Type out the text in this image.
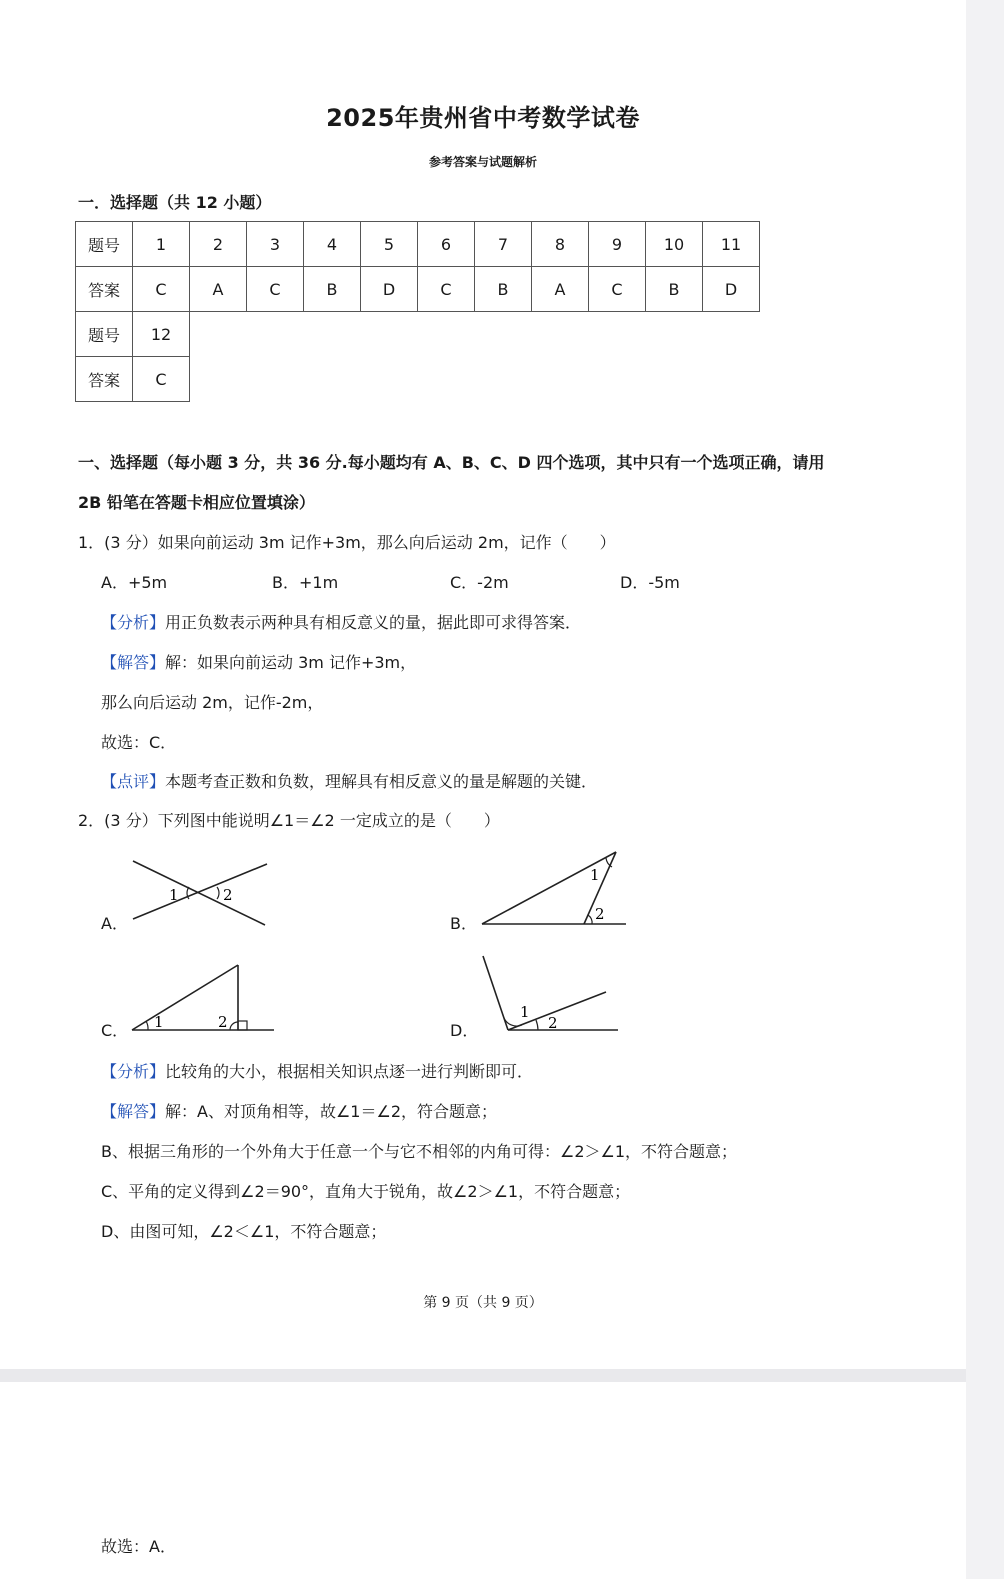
2025年贵州省中考数学试卷
参考答案与试题解析
一．选择题（共 12 小题）
题号	1	2	3	4	5	6	7	8	9	10	11
答案	C	A	C	B	D	C	B	A	C	B	D
题号	12
答案	C
一、选择题（每小题 3 分，共 36 分.每小题均有 A、B、C、D 四个选项，其中只有一个选项正确，请用
2B 铅笔在答题卡相应位置填涂）
1．(3 分）如果向前运动 3m 记作+3m，那么向后运动 2m，记作（　　）
A．+5m	B．+1m	C．-2m	D．-5m
【分析】用正负数表示两种具有相反意义的量，据此即可求得答案．
【解答】解：如果向前运动 3m 记作+3m，
那么向后运动 2m，记作-2m，
故选：C．
【点评】本题考查正数和负数，理解具有相反意义的量是解题的关键．
2．(3 分）下列图中能说明∠1＝∠2 一定成立的是（　　）
A．
1	2
B．
1
2
C． 1	2	D．
1
2
【分析】比较角的大小，根据相关知识点逐一进行判断即可．
【解答】解：A、对顶角相等，故∠1＝∠2，符合题意；
B、根据三角形的一个外角大于任意一个与它不相邻的内角可得：∠2＞∠1，不符合题意；
C、平角的定义得到∠2＝90°，直角大于锐角，故∠2＞∠1，不符合题意；
D、由图可知，∠2＜∠1，不符合题意；
第 9 页（共 9 页）
故选：A．
